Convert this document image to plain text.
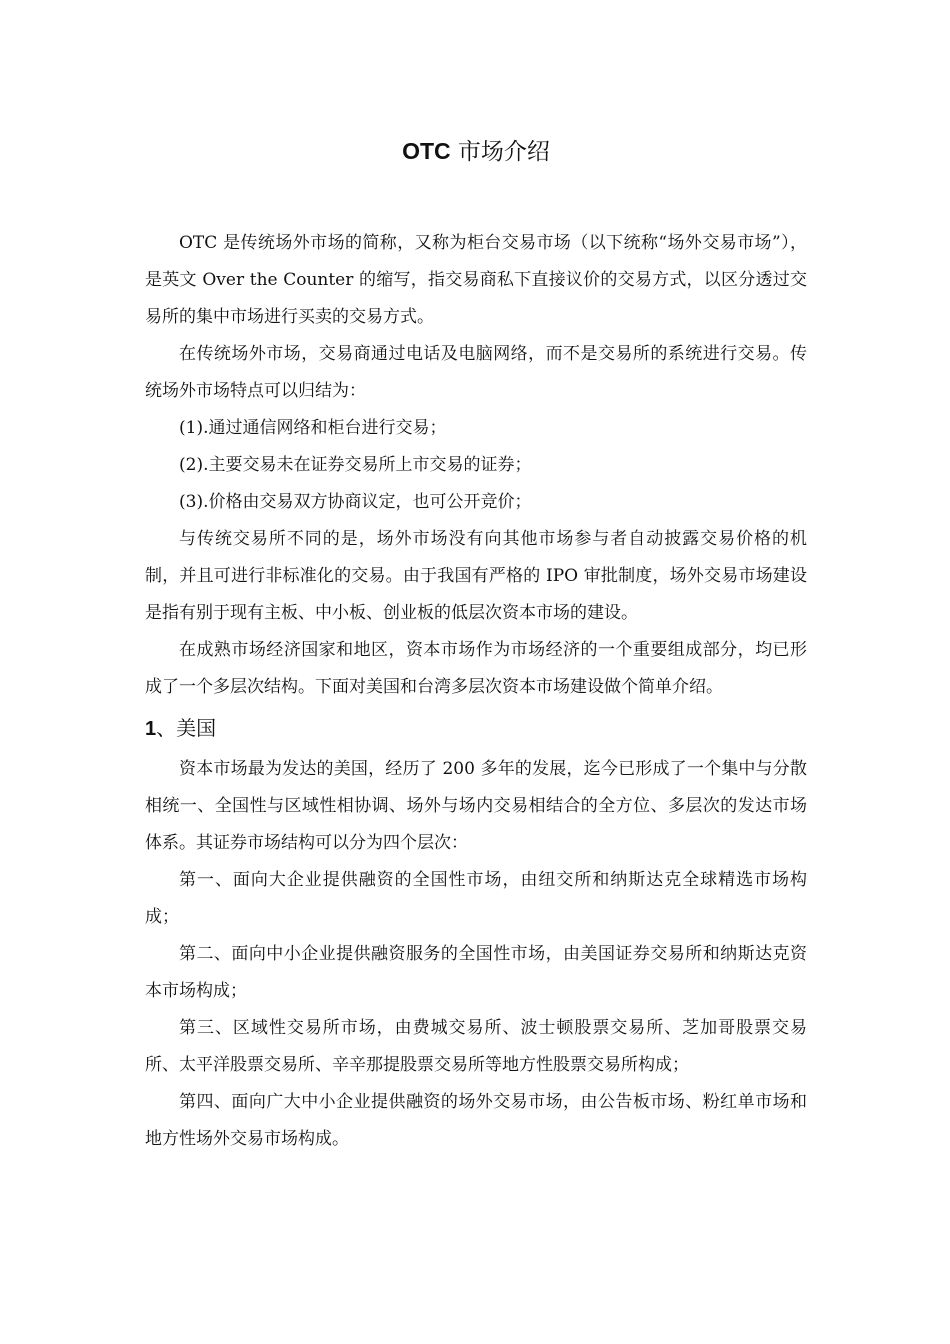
OTC 市场介绍

OTC 是传统场外市场的简称，又称为柜台交易市场（以下统称“场外交易市场”），是英文 Over the Counter 的缩写，指交易商私下直接议价的交易方式，以区分透过交易所的集中市场进行买卖的交易方式。

在传统场外市场，交易商通过电话及电脑网络，而不是交易所的系统进行交易。传统场外市场特点可以归结为：

(1).通过通信网络和柜台进行交易；

(2).主要交易未在证券交易所上市交易的证券；

(3).价格由交易双方协商议定，也可公开竞价；

与传统交易所不同的是，场外市场没有向其他市场参与者自动披露交易价格的机制，并且可进行非标准化的交易。由于我国有严格的 IPO 审批制度，场外交易市场建设是指有别于现有主板、中小板、创业板的低层次资本市场的建设。

在成熟市场经济国家和地区，资本市场作为市场经济的一个重要组成部分，均已形成了一个多层次结构。下面对美国和台湾多层次资本市场建设做个简单介绍。

1、美国

资本市场最为发达的美国，经历了 200 多年的发展，迄今已形成了一个集中与分散相统一、全国性与区域性相协调、场外与场内交易相结合的全方位、多层次的发达市场体系。其证券市场结构可以分为四个层次：

第一、面向大企业提供融资的全国性市场，由纽交所和纳斯达克全球精选市场构成；

第二、面向中小企业提供融资服务的全国性市场，由美国证券交易所和纳斯达克资本市场构成；

第三、区域性交易所市场，由费城交易所、波士顿股票交易所、芝加哥股票交易所、太平洋股票交易所、辛辛那提股票交易所等地方性股票交易所构成；

第四、面向广大中小企业提供融资的场外交易市场，由公告板市场、粉红单市场和地方性场外交易市场构成。
